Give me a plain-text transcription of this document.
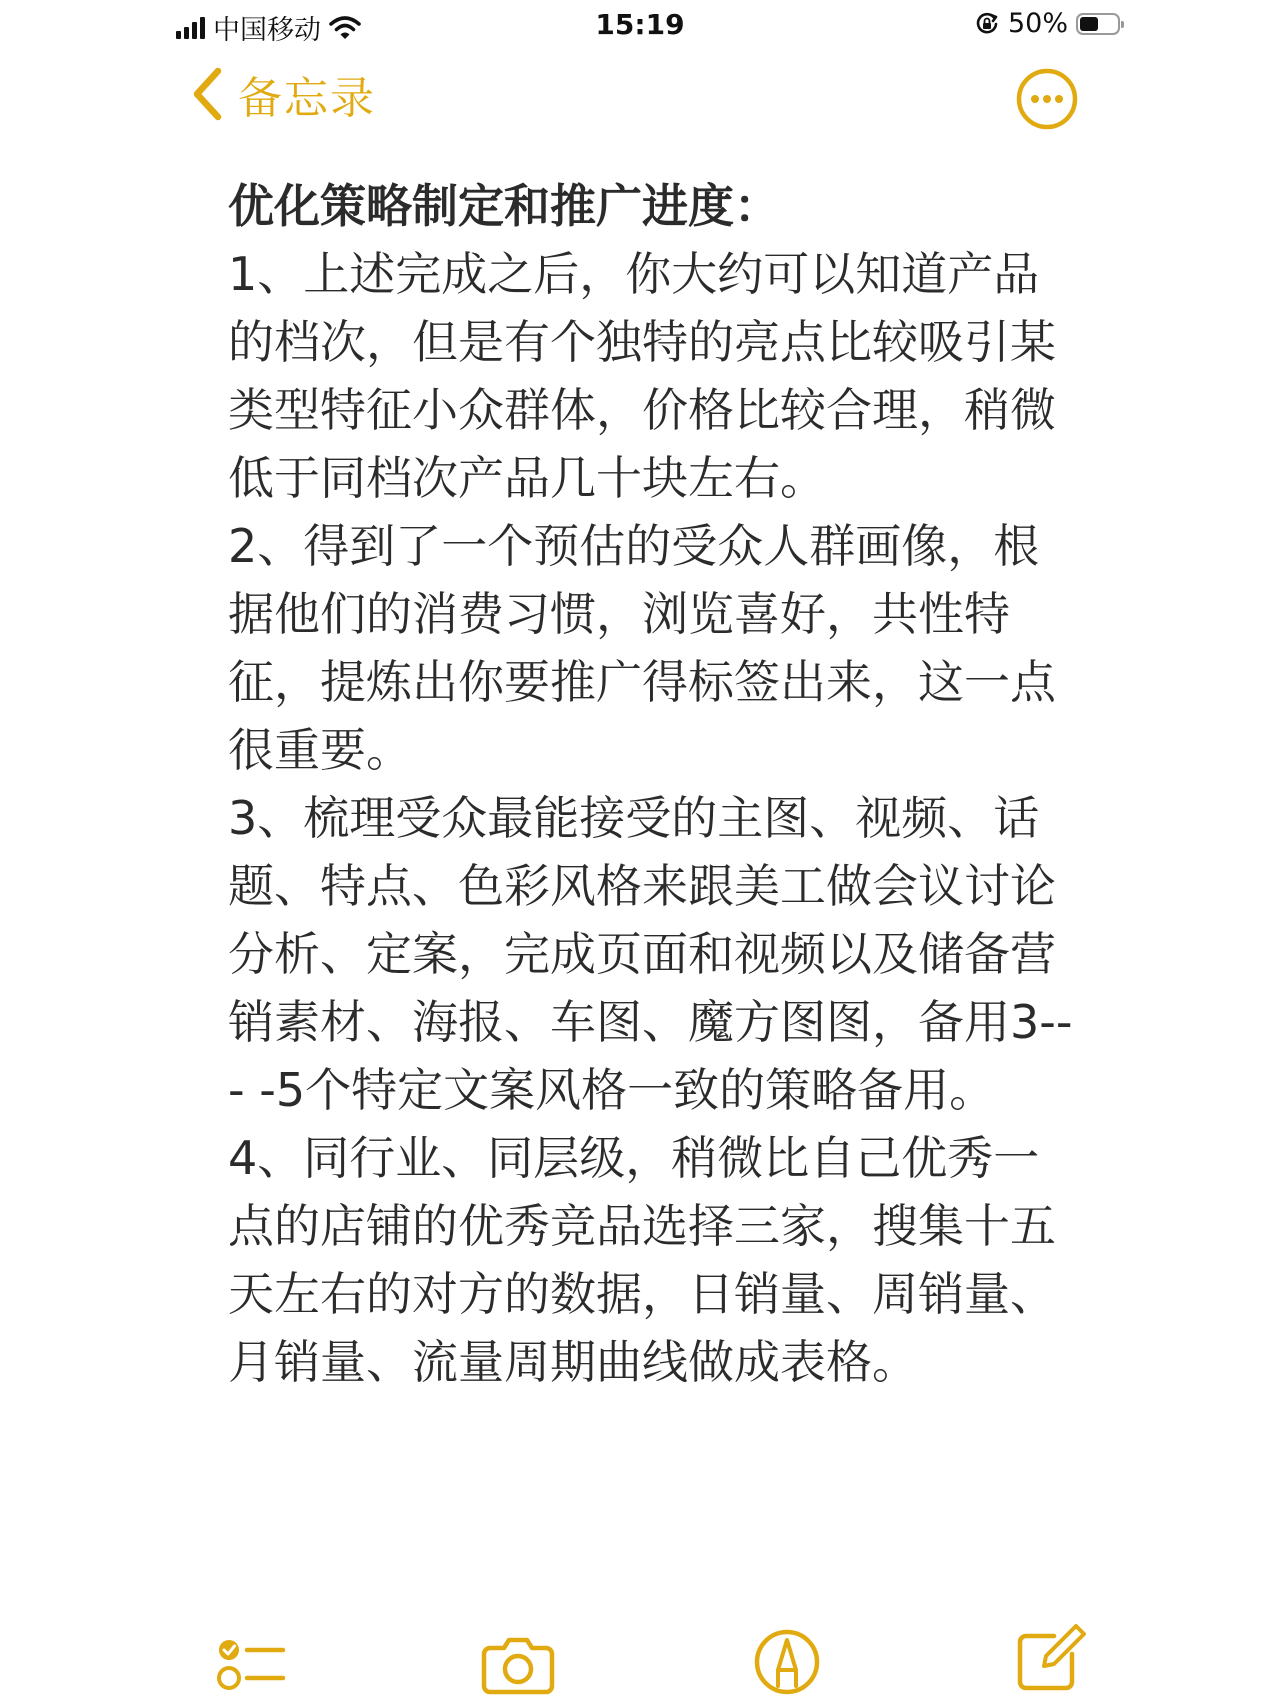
中国移动	15:19	50%
备忘录

优化策略制定和推广进度：

1、上述完成之后，你大约可以知道产品的档次，但是有个独特的亮点比较吸引某类型特征小众群体，价格比较合理，稍微低于同档次产品几十块左右。

2、得到了一个预估的受众人群画像，根据他们的消费习惯，浏览喜好，共性特征，提炼出你要推广得标签出来，这一点很重要。

3、梳理受众最能接受的主图、视频、话题、特点、色彩风格来跟美工做会议讨论分析、定案，完成页面和视频以及储备营销素材、海报、车图、魔方图图，备用3--- -5个特定文案风格一致的策略备用。

4、同行业、同层级，稍微比自己优秀一点的店铺的优秀竞品选择三家，搜集十五天左右的对方的数据，日销量、周销量、月销量、流量周期曲线做成表格。
